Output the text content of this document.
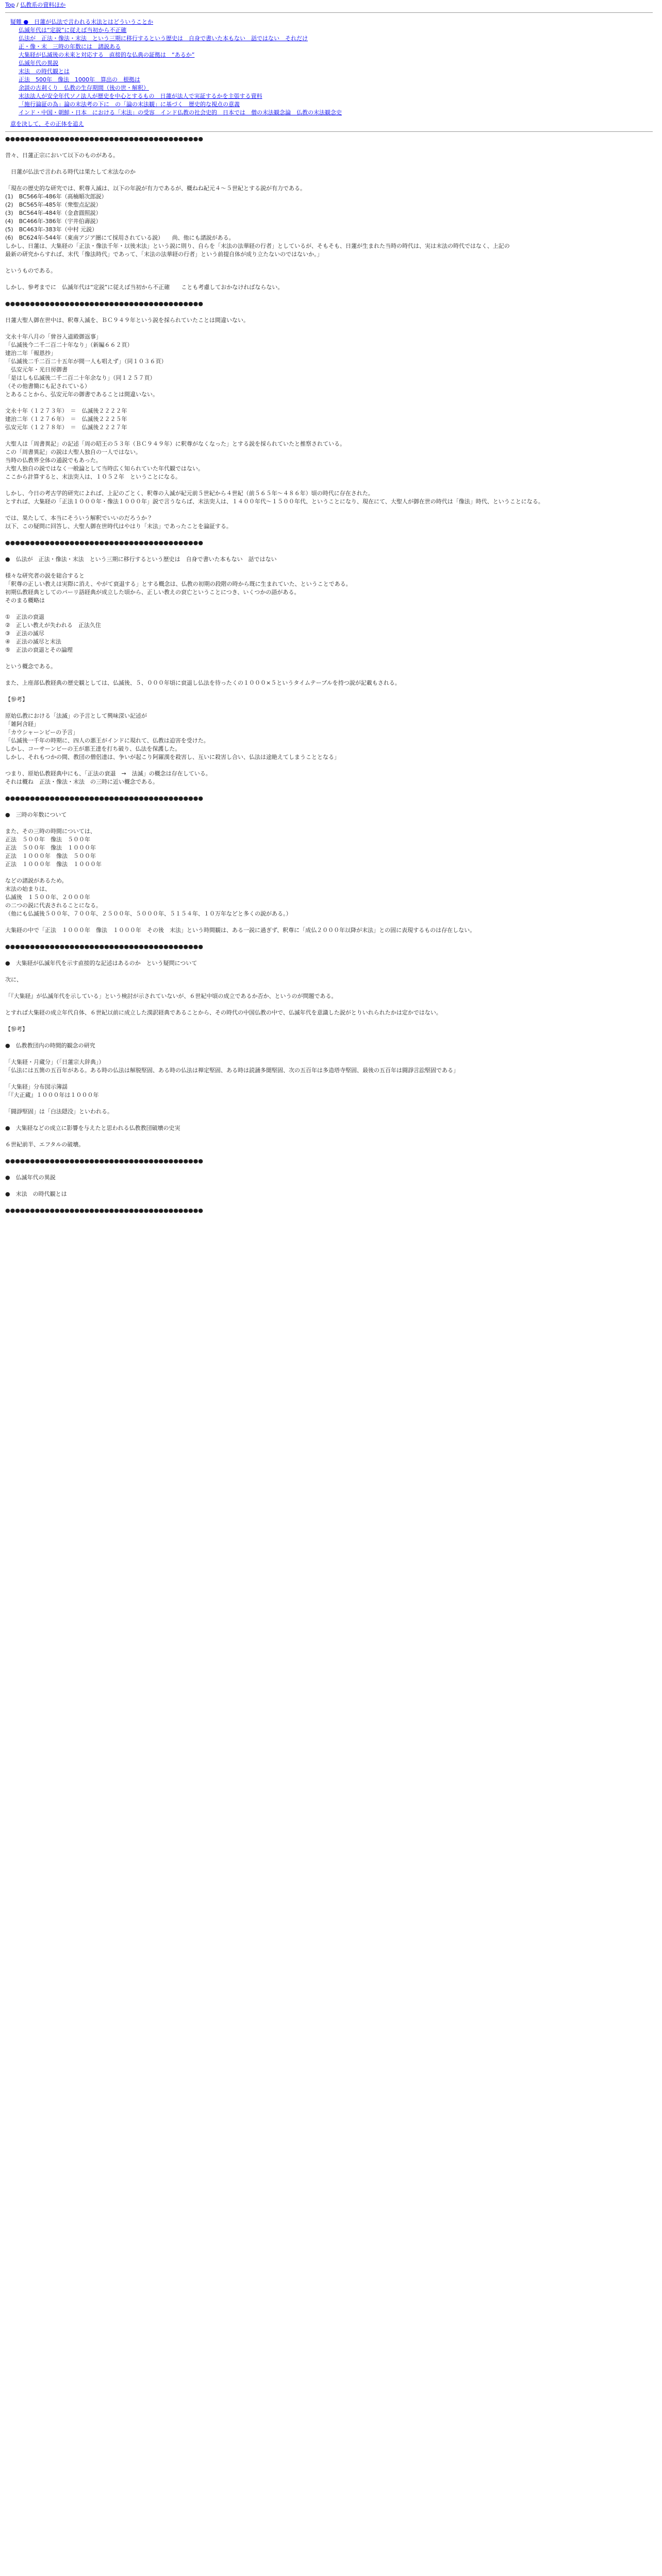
Top / 仏教系の資料ほか
疑難 ●　日蓮が仏法で言われる末法とはどういうことか
仏滅年代は“定説”に従えば当初から不正確
仏法が　正法・像法・末法　という三期に移行するという歴史は　自身で書いた本もない　話ではない　それだけ
正・像・末　三時の年数には　諸説ある
大集経が仏滅後の未来と対応する　直接的な仏典の証拠は　“あるか”
仏滅年代の異説
末法　の時代観とは
正法　500年　像法　1000年　算出の　根拠は
余談の古刹くり　仏教の生存期間（後の世・解釈）
末法法人が安全年代ソノ法人が歴史を中心とするもの　日蓮が法人で実証するかを主張する資料
「施行論証の為」論の末法考の下に　の「論の末法観」に基づく　歴史的な視点の意義
インド・中国・朝鮮・日本　における「末法」の受容　インド仏教の社会史的　日本では　僧の末法観念論　仏教の末法観念史
意を決して、その正体を追え
●●●●●●●●●●●●●●●●●●●●●●●●●●●●●●●●●●●●●●●●
昔々、日蓮正宗において以下のものがある。
　日蓮が仏法で言われる時代は果たして末法なのか
「現在の歴史的な研究では、釈尊入滅は、以下の年説が有力であるが、概ねね紀元４～５世紀とする説が有力である。
(1)　BC566年-486年（高楠順次郎説）
(2)　BC565年-485年（衆聖点記説）
(3)　BC564年-484年（金倉圓照説）
(4)　BC466年-386年（宇井伯壽説）
(5)　BC463年-383年（中村 元説）
(6)　BC624年-544年（東南アジア圏にて採用されている説）　　尚、他にも諸説がある。
しかし、日蓮は、大集経の「正法・像法千年・以後末法」という説に則り、自らを「末法の法華経の行者」としているが、そもそも、日蓮が生まれた当時の時代は、実は末法の時代ではなく、上記の
最新の研究からすれば、末代「像法時代」であって、「末法の法華経の行者」という前提自体が成り立たないのではないか。」
というものである。
しかし、参考までに　仏滅年代は“定説”に従えば当初から不正確　　ことも考慮しておかなければならない。
●●●●●●●●●●●●●●●●●●●●●●●●●●●●●●●●●●●●●●●●
日蓮大聖人御在世中は、釈尊入滅を、ＢＣ９４９年という説を採られていたことは間違いない。
文永十年八月の「曾谷入道殿御返事」
「仏滅後今二千二百二十年なり」（新編６６２頁）
建治二年「報恩抄」
「仏滅後二千二百二十五年が間一人も唱えず」（同１０３６頁）
　弘安元年・光日房御書
「是はしも仏滅後二千二百二十年余なり」（同１２５７頁）
（その他書簡にも記されている）
とあることから、弘安元年の御書であることは間違いない。
文永十年（１２７３年）　＝　仏滅後２２２２年
建治二年（１２７６年）　＝　仏滅後２２２５年
弘安元年（１２７８年）　＝　仏滅後２２２７年
大聖人は「周書異記」の記述「周の昭王の５３年（ＢＣ９４９年）に釈尊がなくなった」とする説を採られていたと推察されている。
この「周書異記」の説は大聖人独自の一人ではない。
当時の仏教界全体の通説でもあった。
大聖人独自の説ではなく一般論として当時広く知られていた年代観ではない。
ここから計算すると、末法突入は、１０５２年　ということになる。
しかし、今日の考古学的研究によれば、上記のごとく、釈尊の入滅が紀元前５世紀から４世紀（前５６５年～４８６年）頃の時代に存在された。
とすれば、大集経の「正法１０００年・像法１０００年」説で言うならば、末法突入は、１４００年代～１５００年代、ということになり、現在にて、大聖人が御在世の時代は「像法」時代、ということになる。
では、果たして、本当にそういう解釈でいいのだろうか？
以下、この疑問に回答し、大聖人御在世時代はやはり「末法」であったことを論証する。
●●●●●●●●●●●●●●●●●●●●●●●●●●●●●●●●●●●●●●●●
●　仏法が　正法・像法・末法　という三期に移行するという歴史は　自身で書いた本もない　話ではない
様々な研究者の説を総合すると
「釈尊の正しい教えは実際に消え、やがて衰退する」とする概念は、仏教の初期の段階の時から既に生まれていた、ということである。
初期仏教経典としてのパーリ語経典が成立した頃から、正しい教えの衰亡ということにつき、いくつかの語がある。
そのまる概略は
①　正法の衰退
②　正しい教えが失われる　正法久住
③　正法の滅尽
④　正法の滅尽と末法
⑤　正法の衰退とその論理
という概念である。
また、上座部仏教経典の歴史観としては、仏滅後、５、０００年頃に衰退し仏法を待ったくの１０００×５というタイムテーブルを持つ説が記載もされる。
【参考】
原始仏教における「法滅」の予言として興味深い記述が
「雑阿含経」
「カウシャーンビーの予言」
「仏滅後一千年の時期に、四人の悪王がインドに現れて、仏教は迫害を受けた。
しかし、コーサーンビーの王が悪王達を打ち破り、仏法を保護した。
しかし、それもつかの間、教団の僧侶達は、争いが起こり阿羅漢を殺害し、互いに殺害し合い、仏法は途絶えてしまうこととなる」
つまり、原始仏教経典中にも、「正法の衰退　→　法滅」の概念は存在している。
それは概ね　正法・像法・末法　の三時に近い概念である。
●●●●●●●●●●●●●●●●●●●●●●●●●●●●●●●●●●●●●●●●
●　三時の年数について
また、その三時の時間については、
正法　５００年　像法　５００年
正法　５００年　像法　１０００年
正法　１０００年　像法　５００年
正法　１０００年　像法　１０００年
などの諸説があるため。
末法の始まりは、
仏滅後　１５００年、２０００年
の二つの説に代表されることになる。
（他にも仏滅後５００年、７００年、２５００年、５０００年、５１５４年、１０万年などと多くの説がある。）
大集経の中で「正法　１０００年　像法　１０００年　その後　末法」という時間観は、ある一説に過ぎず、釈尊に「成仏２０００年以降が末法」との固に表現するものは存在しない。
●●●●●●●●●●●●●●●●●●●●●●●●●●●●●●●●●●●●●●●●
●　大集経が仏滅年代を示す直接的な記述はあるのか　という疑問について
次に、
「『大集経』が仏滅年代を示している」という検討が示されていないが、６世紀中頃の成立であるか否か、というのが問題である。
とすれば大集経の成立年代自体、６世紀以前に成立した漢訳経典であることから、その時代の中国仏教の中で、仏滅年代を意識した説がとりいれられたかは定かではない。
【参考】
●　仏教教団内の時間的観念の研究
「大集経・月蔵分」（「日蓮宗大辞典」）
「仏法には五箇の五百年がある。ある時の仏法は解脱堅固、ある時の仏法は禅定堅固、ある時は読誦多聞堅固、次の五百年は多造塔寺堅固、最後の五百年は闘諍言訟堅固である」
「大集経」分布図示簿謡
「『大正蔵』１０００年は１０００年
「闘諍堅固」は「白法隠没」といわれる。
●　大集経などの成立に影響を与えたと思われる仏教教団破壊の史実
６世紀前半、エフタルの破壊。
●●●●●●●●●●●●●●●●●●●●●●●●●●●●●●●●●●●●●●●●
●　仏滅年代の異説
●　末法　の時代観とは
●●●●●●●●●●●●●●●●●●●●●●●●●●●●●●●●●●●●●●●●
